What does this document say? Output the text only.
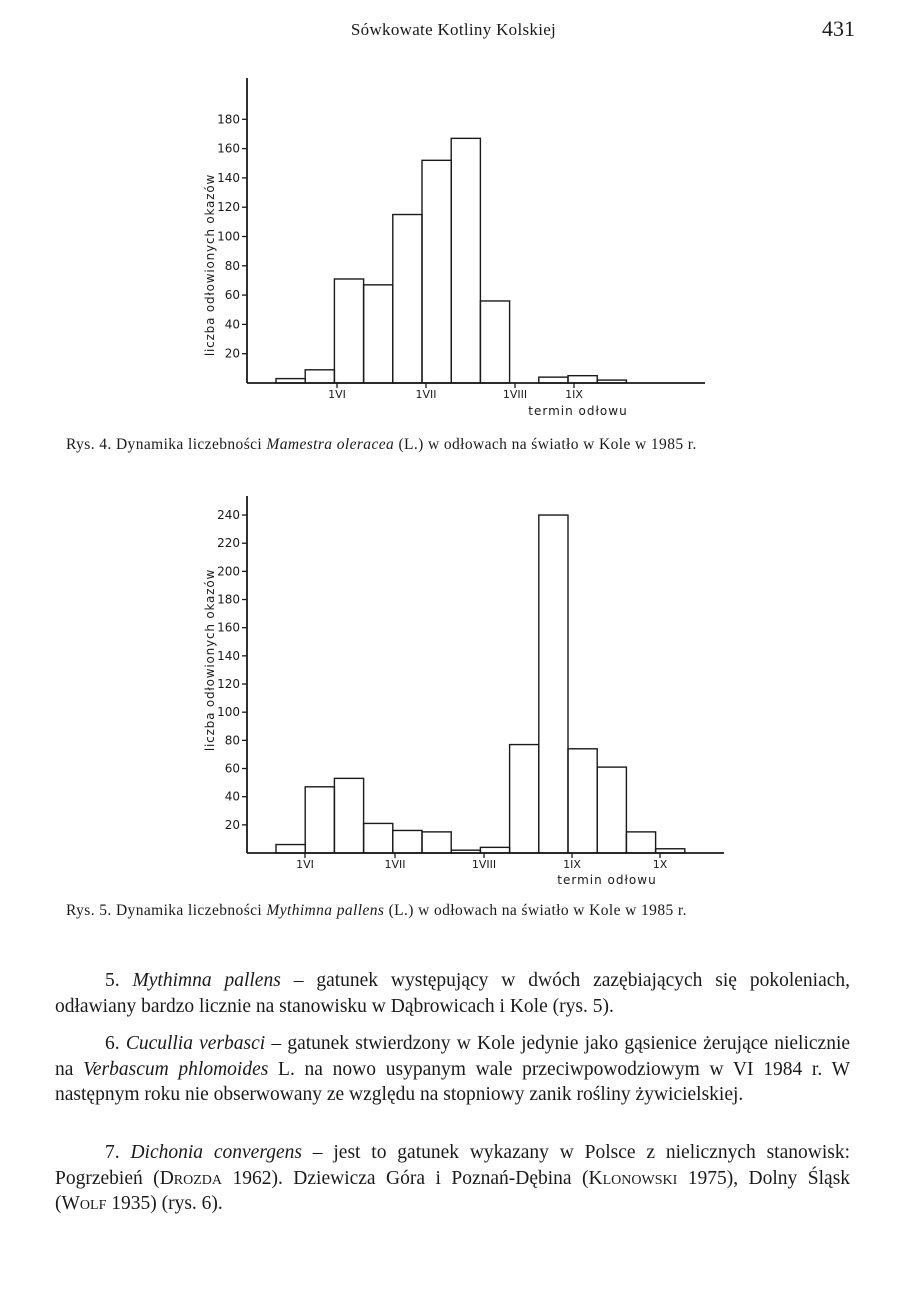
Sówkowate Kotliny Kolskiej	431
20
40
60
80
100
120
140
160
180
1VI	1VII	1VIII	1IX
termin odłowu
liczba odłowionych okazów
Rys. 4. Dynamika liczebności Mamestra oleracea (L.) w odłowach na światło w Kole w 1985 r.
20
40
60
80
100
120
140
160
180
200
220
240
1VI	1VII	1VIII	1IX	1X
termin odłowu
liczba odłowionych okazów
Rys. 5. Dynamika liczebności Mythimna pallens (L.) w odłowach na światło w Kole w 1985 r.

5. Mythimna pallens – gatunek występujący w dwóch zazębiających się pokoleniach, odławiany bardzo licznie na stanowisku w Dąbrowicach i Kole (rys. 5).

6. Cucullia verbasci – gatunek stwierdzony w Kole jedynie jako gąsienice żerujące nielicznie na Verbascum phlomoides L. na nowo usypanym wale przeciwpowodziowym w VI 1984 r. W następnym roku nie obserwowany ze względu na stopniowy zanik rośliny żywicielskiej.

7. Dichonia convergens – jest to gatunek wykazany w Polsce z nielicznych stanowisk: Pogrzebień (Drozda 1962). Dziewicza Góra i Poznań-Dębina (Klonowski 1975), Dolny Śląsk (Wolf 1935) (rys. 6).
